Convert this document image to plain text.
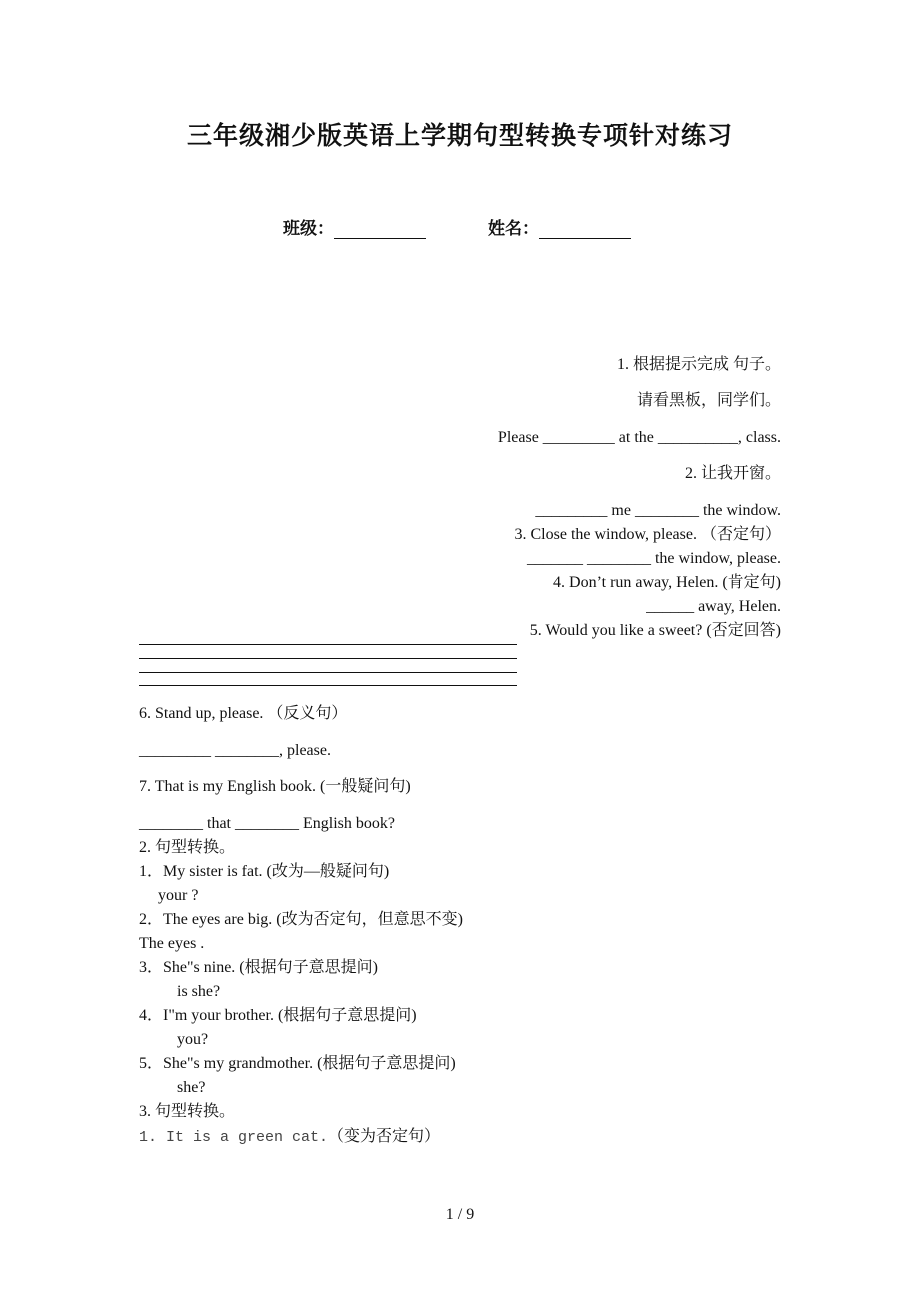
三年级湘少版英语上学期句型转换专项针对练习
班级：	姓名：
1. 根据提示完成 句子。
请看黑板，同学们。
Please _________ at the __________, class.
2. 让我开窗。
_________ me ________ the window.
3. Close the window, please. （否定句）
_______ ________ the window, please.
4. Don’t run away, Helen. (肯定句)
______ away, Helen.
5. Would you like a sweet? (否定回答)
6. Stand up, please. （反义句）
_________ ________, please.
7. That is my English book. (一般疑问句)
________ that ________ English book?
2. 句型转换。
1．My sister is fat. (改为—般疑问句)
your ?
2．The eyes are big. (改为否定句，但意思不变)
The eyes .
3．She"s nine. (根据句子意思提问)
is she?
4．I"m your brother. (根据句子意思提问)
you?
5．She"s my grandmother. (根据句子意思提问)
she?
3. 句型转换。
1. It is a green cat.（变为否定句）
1 / 9
